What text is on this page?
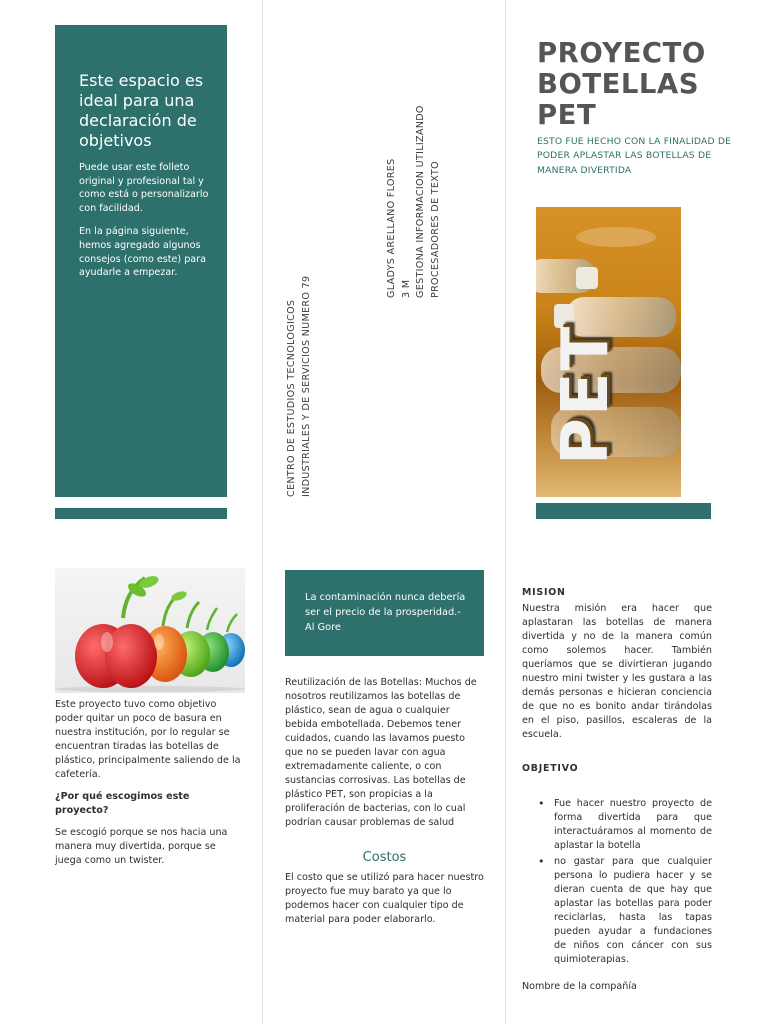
Este espacio es ideal para una declaración de objetivos

Puede usar este folleto original y profesional tal y como está o personalizarlo con facilidad.

En la página siguiente, hemos agregado algunos consejos (como este) para ayudarle a empezar.

CENTRO DE ESTUDIOS TECNOLOGICOS INDUSTRIALES Y DE SERVICIOS NUMERO 79
GLADYS ARELLANO FLORES 3 M GESTIONA INFORMACION UTILIZANDO PROCESADORES DE TEXTO
PROYECTO
BOTELLAS
PET
ESTO FUE HECHO CON LA FINALIDAD DE PODER APLASTAR LAS BOTELLAS DE MANERA DIVERTIDA
PET

Este proyecto tuvo como objetivo poder quitar un poco de basura en nuestra institución, por lo regular se encuentran tiradas las botellas de plástico, principalmente saliendo de la cafetería.

¿Por qué escogimos este proyecto?

Se escogió porque se nos hacia una manera muy divertida, porque se juega como un twister.

La contaminación nunca debería ser el precio de la prosperidad.- Al Gore
Reutilización de las Botellas: Muchos de nosotros reutilizamos las botellas de plástico, sean de agua o cualquier bebida embotellada. Debemos tener cuidados, cuando las lavamos puesto que no se pueden lavar con agua extremadamente caliente, o con sustancias corrosivas. Las botellas de plástico PET, son propicias a la proliferación de bacterias, con lo cual podrían causar problemas de salud
Costos
El costo que se utilizó para hacer nuestro proyecto fue muy barato ya que lo podemos hacer con cualquier tipo de material para poder elaborarlo.
MISION
Nuestra misión era hacer que aplastaran las botellas de manera divertida y no de la manera común como solemos hacer. También queríamos que se divirtieran jugando nuestro mini twister y les gustara a las demás personas e hicieran conciencia de que no es bonito andar tirándolas en el piso, pasillos, escaleras de la escuela.
OBJETIVO
• Fue hacer nuestro proyecto de forma divertida para que interactuáramos al momento de aplastar la botella
• no gastar para que cualquier persona lo pudiera hacer y se dieran cuenta de que hay que aplastar las botellas para poder reciclarlas, hasta las tapas pueden ayudar a fundaciones de niños con cáncer con sus quimioterapias.
Nombre de la compañía
